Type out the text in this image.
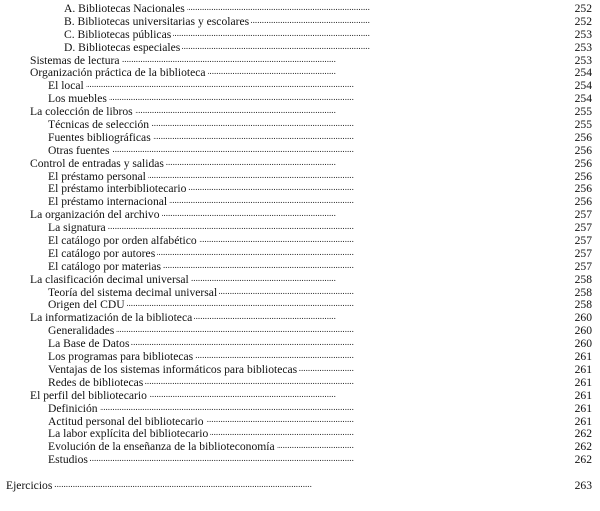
. . .
A. Bibliotecas Nacionales	252
. . .
B. Bibliotecas universitarias y escolares	252
. . .
C. Bibliotecas públicas	253
. . .
D. Bibliotecas especiales	253
. . .
Sistemas de lectura	253
. . .
Organización práctica de la biblioteca	254
. . .
El local	254
. . .
Los muebles	254
. . .
La colección de libros	255
. . .
Técnicas de selección	255
. . .
Fuentes bibliográficas	256
. . .
Otras fuentes	256
. . .
Control de entradas y salidas	256
. . .
El préstamo personal	256
. . .
El préstamo interbibliotecario	256
. . .
El préstamo internacional	256
. . .
La organización del archivo	257
. . .
La signatura	257
. . .
El catálogo por orden alfabético	257
. . .
El catálogo por autores	257
. . .
El catálogo por materias	257
. . .
La clasificación decimal universal	258
. . .
Teoría del sistema decimal universal	258
. . .
Origen del CDU	258
. . .
La informatización de la biblioteca	260
. . .
Generalidades	260
. . .
La Base de Datos	260
. . .
Los programas para bibliotecas	261
. . .
Ventajas de los sistemas informáticos para bibliotecas	261
. . .
Redes de bibliotecas	261
. . .
El perfil del bibliotecario	261
. . .
Definición	261
. . .
Actitud personal del bibliotecario	261
. . .
La labor explícita del bibliotecario	262
. . .
Evolución de la enseñanza de la biblioteconomía	262
. . .
Estudios	262
. . .
Ejercicios	263
